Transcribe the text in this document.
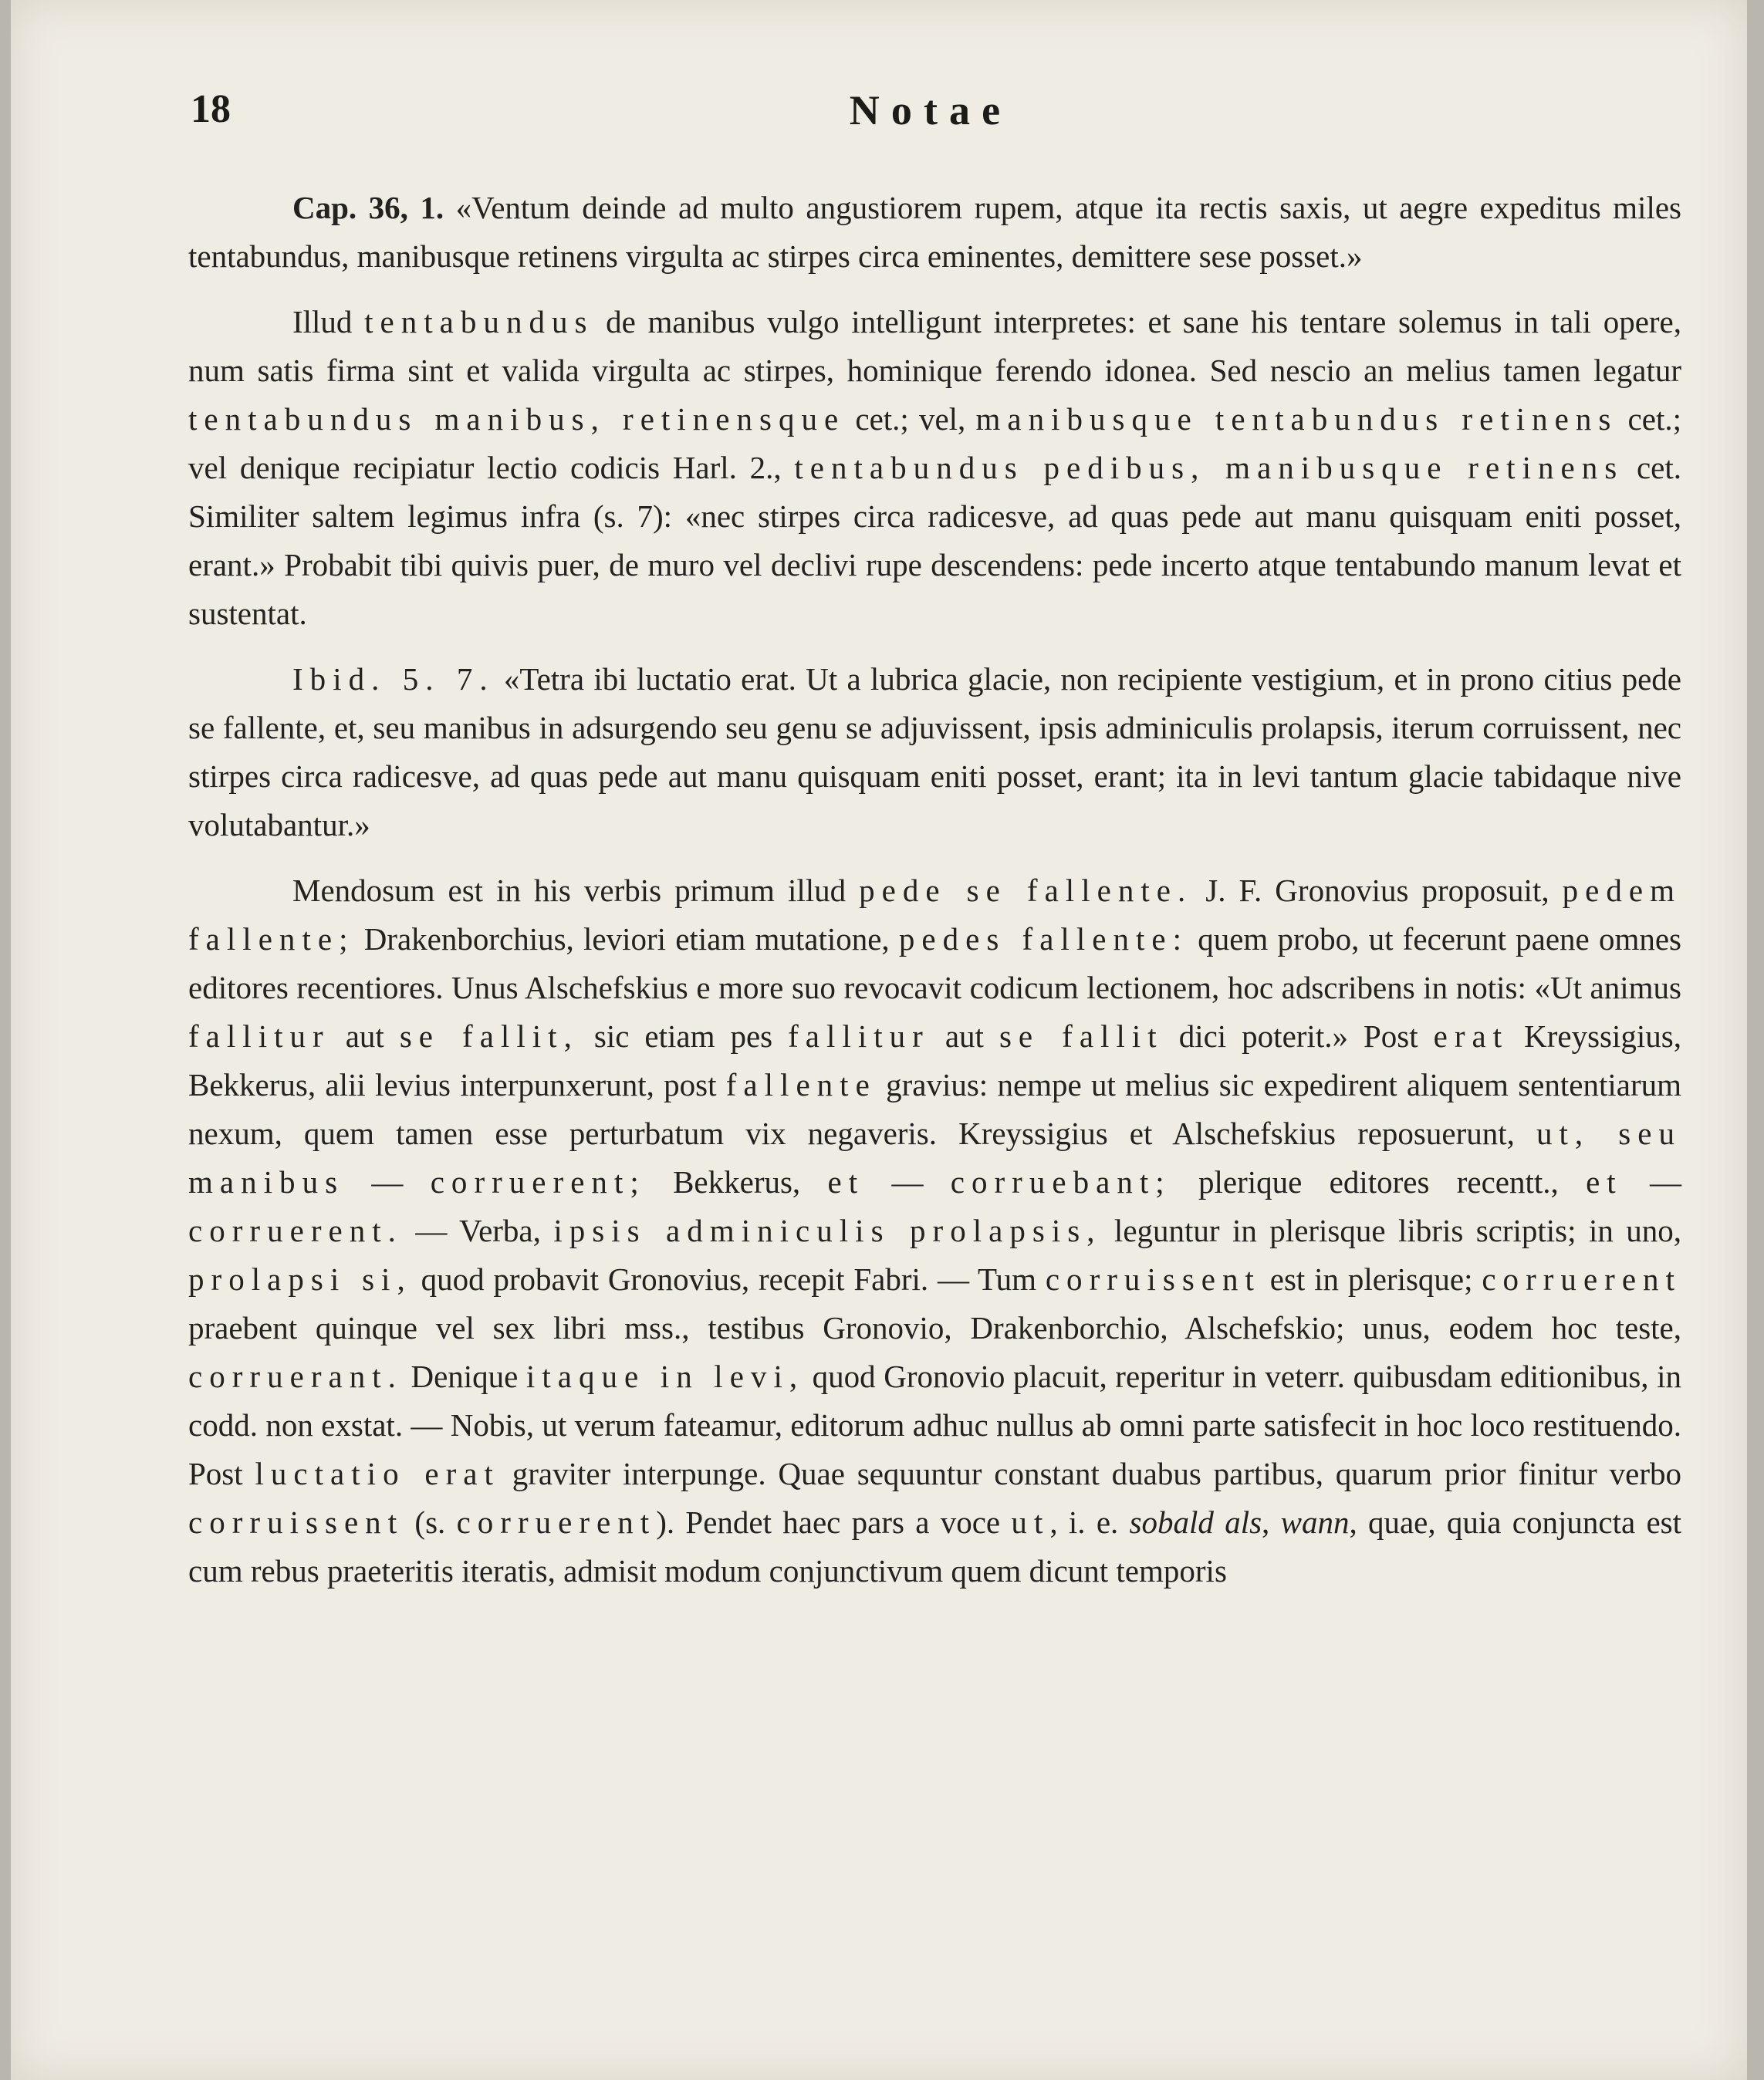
18	Notae

Cap. 36, 1. «Ventum deinde ad multo angustiorem rupem, atque ita rectis saxis, ut aegre expeditus miles tentabundus, manibusque retinens virgulta ac stirpes circa eminentes, demittere sese posset.»

Illud tentabundus de manibus vulgo intelligunt interpretes: et sane his tentare solemus in tali opere, num satis firma sint et valida virgulta ac stirpes, hominique ferendo idonea. Sed nescio an melius tamen legatur tentabundus manibus, retinensque cet.; vel, manibusque tentabundus retinens cet.; vel denique recipiatur lectio codicis Harl. 2., tentabundus pedibus, manibusque retinens cet. Similiter saltem legimus infra (s. 7): «nec stirpes circa radicesve, ad quas pede aut manu quisquam eniti posset, erant.» Probabit tibi quivis puer, de muro vel declivi rupe descendens: pede incerto atque tentabundo manum levat et sustentat.

Ibid. 5. 7. «Tetra ibi luctatio erat. Ut a lubrica glacie, non recipiente vestigium, et in prono citius pede se fallente, et, seu manibus in adsurgendo seu genu se adjuvissent, ipsis adminiculis prolapsis, iterum corruissent, nec stirpes circa radicesve, ad quas pede aut manu quisquam eniti posset, erant; ita in levi tantum glacie tabidaque nive volutabantur.»

Mendosum est in his verbis primum illud pede se fallente. J. F. Gronovius proposuit, pedem fallente; Drakenborchius, leviori etiam mutatione, pedes fallente: quem probo, ut fecerunt paene omnes editores recentiores. Unus Alschefskius e more suo revocavit codicum lectionem, hoc adscribens in notis: «Ut animus fallitur aut se fallit, sic etiam pes fallitur aut se fallit dici poterit.» Post erat Kreyssigius, Bekkerus, alii levius interpunxerunt, post fallente gravius: nempe ut melius sic expedirent aliquem sententiarum nexum, quem tamen esse perturbatum vix negaveris. Kreyssigius et Alschefskius reposuerunt, ut, seu manibus — corruerent; Bekkerus, et — corruebant; plerique editores recentt., et — corruerent. — Verba, ipsis adminiculis prolapsis, leguntur in plerisque libris scriptis; in uno, prolapsi si, quod probavit Gronovius, recepit Fabri. — Tum corruissent est in plerisque; corruerent praebent quinque vel sex libri mss., testibus Gronovio, Drakenborchio, Alschefskio; unus, eodem hoc teste, corruerant. Denique itaque in levi, quod Gronovio placuit, reperitur in veterr. quibusdam editionibus, in codd. non exstat. — Nobis, ut verum fateamur, editorum adhuc nullus ab omni parte satisfecit in hoc loco restituendo. Post luctatio erat graviter interpunge. Quae sequuntur constant duabus partibus, quarum prior finitur verbo corruissent (s. corruerent). Pendet haec pars a voce ut, i. e. sobald als, wann, quae, quia conjuncta est cum rebus praeteritis iteratis, admisit modum conjunctivum quem dicunt temporis
